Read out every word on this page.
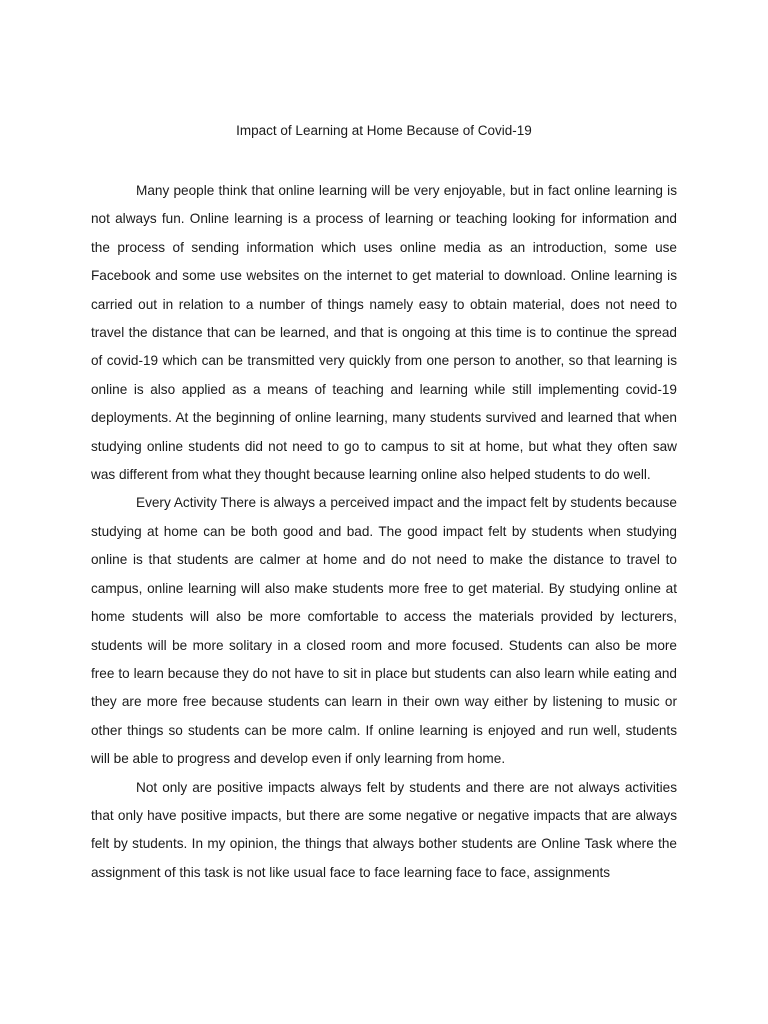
Impact of Learning at Home Because of Covid-19

Many people think that online learning will be very enjoyable, but in fact online learning is not always fun. Online learning is a process of learning or teaching looking for information and the process of sending information which uses online media as an introduction, some use Facebook and some use websites on the internet to get material to download. Online learning is carried out in relation to a number of things namely easy to obtain material, does not need to travel the distance that can be learned, and that is ongoing at this time is to continue the spread of covid-19 which can be transmitted very quickly from one person to another, so that learning is online is also applied as a means of teaching and learning while still implementing covid-19 deployments. At the beginning of online learning, many students survived and learned that when studying online students did not need to go to campus to sit at home, but what they often saw was different from what they thought because learning online also helped students to do well.

Every Activity There is always a perceived impact and the impact felt by students because studying at home can be both good and bad. The good impact felt by students when studying online is that students are calmer at home and do not need to make the distance to travel to campus, online learning will also make students more free to get material. By studying online at home students will also be more comfortable to access the materials provided by lecturers, students will be more solitary in a closed room and more focused. Students can also be more free to learn because they do not have to sit in place but students can also learn while eating and they are more free because students can learn in their own way either by listening to music or other things so students can be more calm. If online learning is enjoyed and run well, students will be able to progress and develop even if only learning from home.

Not only are positive impacts always felt by students and there are not always activities that only have positive impacts, but there are some negative or negative impacts that are always felt by students. In my opinion, the things that always bother students are Online Task where the assignment of this task is not like usual face to face learning face to face, assignments
